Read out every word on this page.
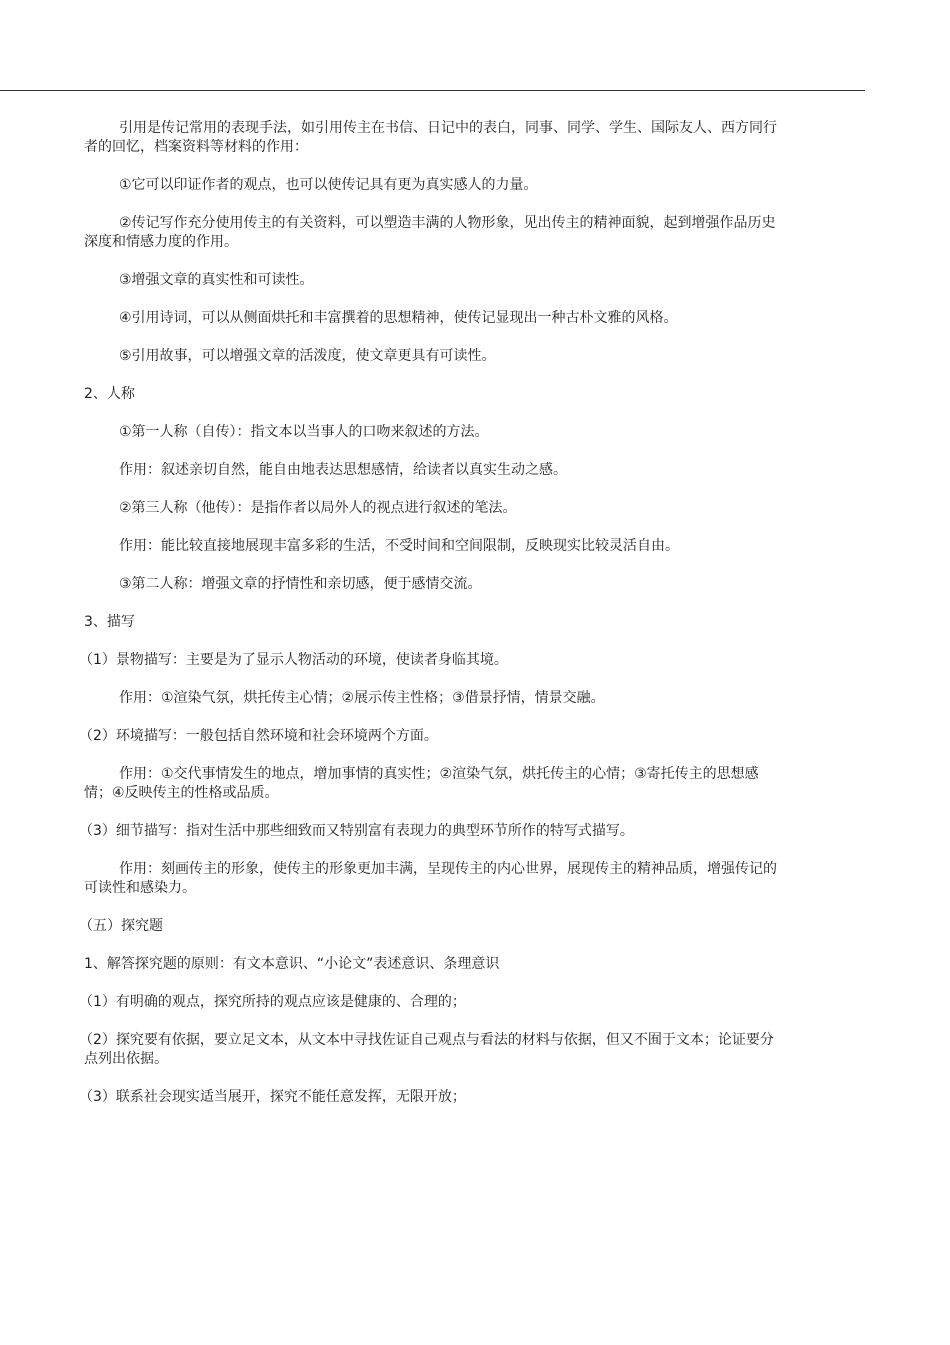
引用是传记常用的表现手法，如引用传主在书信、日记中的表白，同事、同学、学生、国际友人、西方同行者的回忆，档案资料等材料的作用：

①它可以印证作者的观点，也可以使传记具有更为真实感人的力量。

②传记写作充分使用传主的有关资料，可以塑造丰满的人物形象，见出传主的精神面貌，起到增强作品历史深度和情感力度的作用。

③增强文章的真实性和可读性。

④引用诗词，可以从侧面烘托和丰富撰着的思想精神，使传记显现出一种古朴文雅的风格。

⑤引用故事，可以增强文章的活泼度，使文章更具有可读性。

2、人称

①第一人称（自传）：指文本以当事人的口吻来叙述的方法。

作用：叙述亲切自然，能自由地表达思想感情，给读者以真实生动之感。

②第三人称（他传）：是指作者以局外人的视点进行叙述的笔法。

作用：能比较直接地展现丰富多彩的生活，不受时间和空间限制，反映现实比较灵活自由。

③第二人称：增强文章的抒情性和亲切感，便于感情交流。

3、描写

（1）景物描写：主要是为了显示人物活动的环境，使读者身临其境。

作用：①渲染气氛，烘托传主心情；②展示传主性格；③借景抒情，情景交融。

（2）环境描写：一般包括自然环境和社会环境两个方面。

作用：①交代事情发生的地点，增加事情的真实性；②渲染气氛，烘托传主的心情；③寄托传主的思想感情；④反映传主的性格或品质。

（3）细节描写：指对生活中那些细致而又特别富有表现力的典型环节所作的特写式描写。

作用：刻画传主的形象，使传主的形象更加丰满，呈现传主的内心世界，展现传主的精神品质，增强传记的可读性和感染力。

（五）探究题

1、解答探究题的原则：有文本意识、“小论文”表述意识、条理意识

（1）有明确的观点，探究所持的观点应该是健康的、合理的；

（2）探究要有依据，要立足文本，从文本中寻找佐证自己观点与看法的材料与依据，但又不囿于文本；论证要分点列出依据。

（3）联系社会现实适当展开，探究不能任意发挥，无限开放；
